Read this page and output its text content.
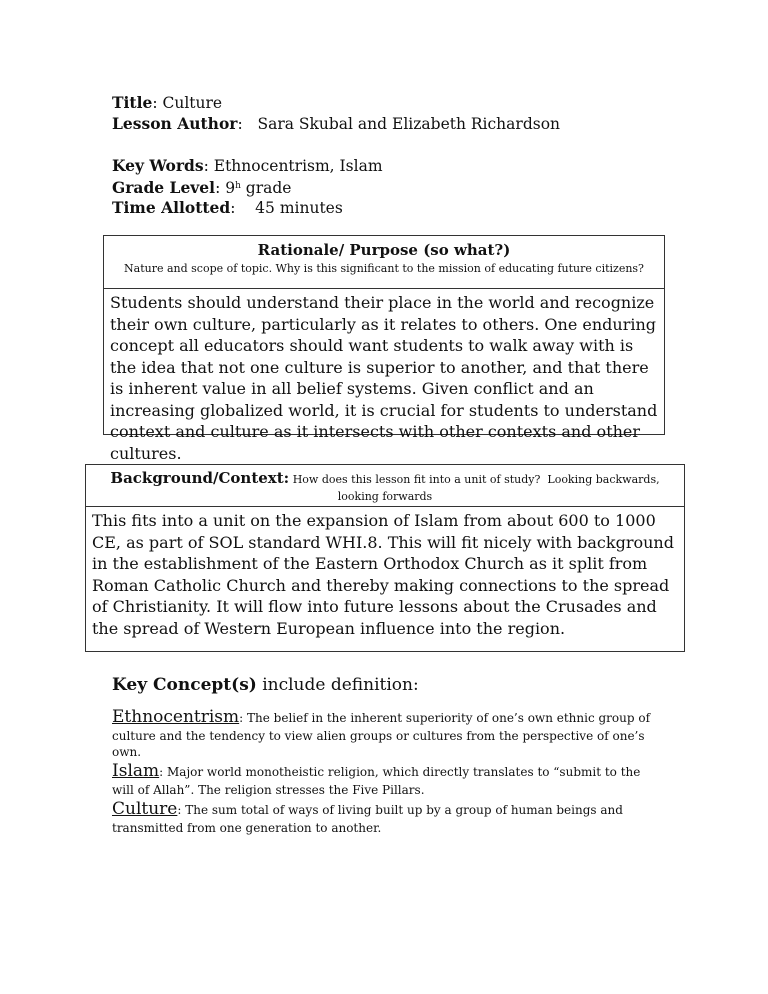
Title: Culture
Lesson Author:   Sara Skubal and Elizabeth Richardson
Key Words: Ethnocentrism, Islam
Grade Level: 9$^h$ grade
Time Allotted:    45 minutes
Rationale/ Purpose (so what?)
Nature and scope of topic. Why is this significant to the mission of educating future citizens?
Students should understand their place in the world and recognize their own culture, particularly as it relates to others. One enduring concept all educators should want students to walk away with is the idea that not one culture is superior to another, and that there is inherent value in all belief systems. Given conflict and an increasing globalized world, it is crucial for students to understand context and culture as it intersects with other contexts and other cultures.
Background/Context: How does this lesson fit into a unit of study?  Looking backwards,
looking forwards
This fits into a unit on the expansion of Islam from about 600 to 1000 CE, as part of SOL standard WHI.8. This will fit nicely with background in the establishment of the Eastern Orthodox Church as it split from Roman Catholic Church and thereby making connections to the spread of Christianity. It will flow into future lessons about the Crusades and the spread of Western European influence into the region.
Key Concept(s) include definition:
Ethnocentrism: The belief in the inherent superiority of one’s own ethnic group of culture and the tendency to view alien groups or cultures from the perspective of one’s own.
Islam: Major world monotheistic religion, which directly translates to “submit to the will of Allah”. The religion stresses the Five Pillars.
Culture: The sum total of ways of living built up by a group of human beings and transmitted from one generation to another.
